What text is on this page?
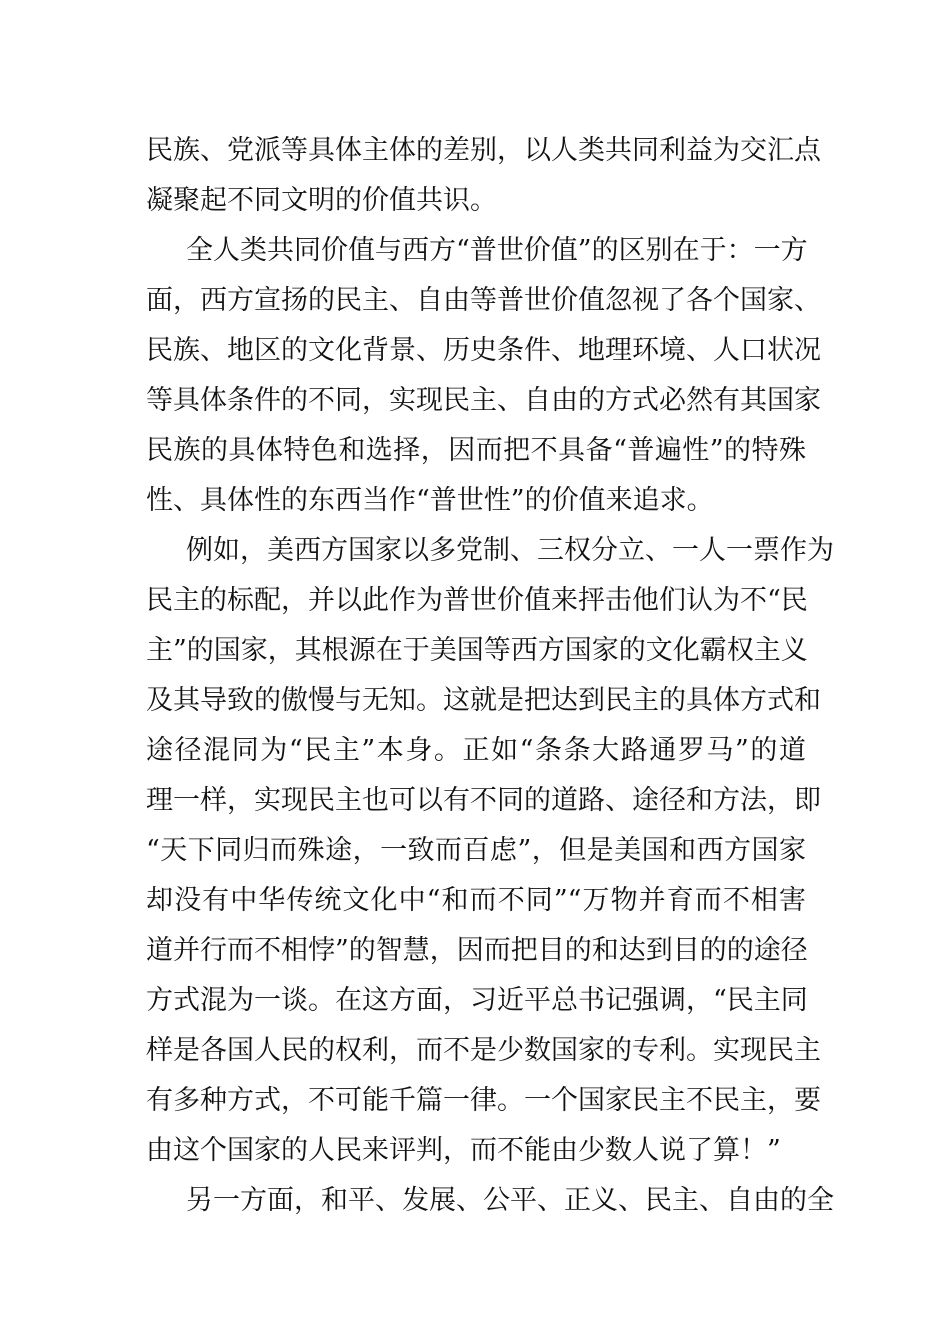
民族、党派等具体主体的差别，以人类共同利益为交汇点
凝聚起不同文明的价值共识。
全人类共同价值与西方“普世价值”的区别在于：一方
面，西方宣扬的民主、自由等普世价值忽视了各个国家、
民族、地区的文化背景、历史条件、地理环境、人口状况
等具体条件的不同，实现民主、自由的方式必然有其国家
民族的具体特色和选择，因而把不具备“普遍性”的特殊
性、具体性的东西当作“普世性”的价值来追求。
例如，美西方国家以多党制、三权分立、一人一票作为
民主的标配，并以此作为普世价值来抨击他们认为不“民
主”的国家，其根源在于美国等西方国家的文化霸权主义
及其导致的傲慢与无知。这就是把达到民主的具体方式和
途径混同为“民主”本身。正如“条条大路通罗马”的道
理一样，实现民主也可以有不同的道路、途径和方法，即
“天下同归而殊途，一致而百虑”，但是美国和西方国家
却没有中华传统文化中“和而不同”“万物并育而不相害
道并行而不相悖”的智慧，因而把目的和达到目的的途径
方式混为一谈。在这方面，习近平总书记强调，“民主同
样是各国人民的权利，而不是少数国家的专利。实现民主
有多种方式，不可能千篇一律。一个国家民主不民主，要
由这个国家的人民来评判，而不能由少数人说了算！”
另一方面，和平、发展、公平、正义、民主、自由的全
